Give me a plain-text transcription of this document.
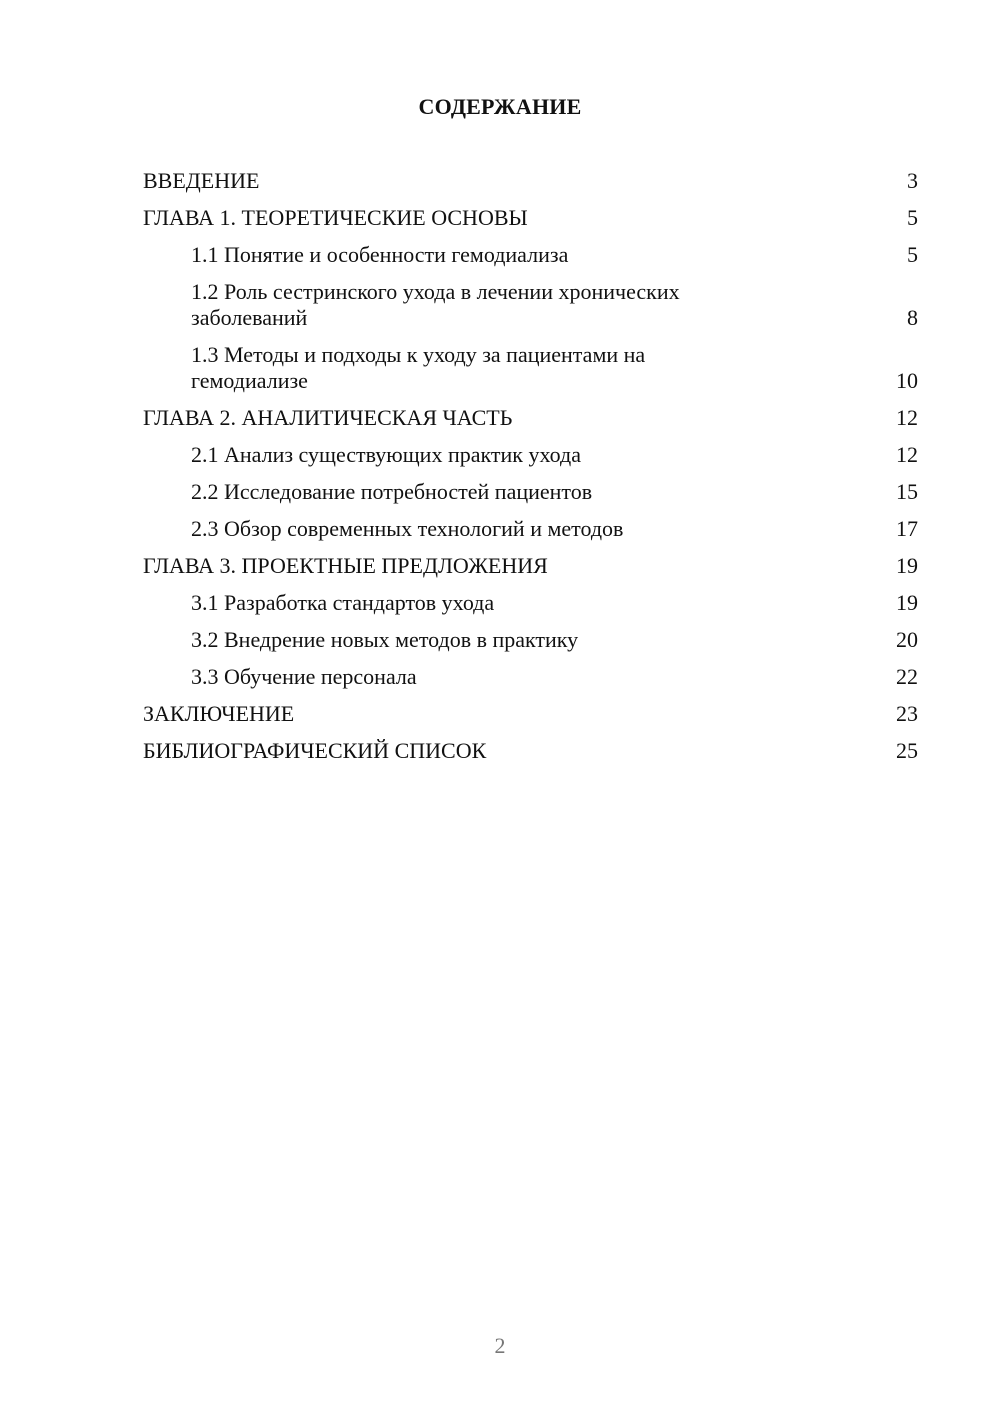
СОДЕРЖАНИЕ
ВВЕДЕНИЕ	3
ГЛАВА 1. ТЕОРЕТИЧЕСКИЕ ОСНОВЫ	5
1.1 Понятие и особенности гемодиализа	5
1.2 Роль сестринского ухода в лечении хронических
заболеваний	8
1.3 Методы и подходы к уходу за пациентами на
гемодиализе	10
ГЛАВА 2. АНАЛИТИЧЕСКАЯ ЧАСТЬ	12
2.1 Анализ существующих практик ухода	12
2.2 Исследование потребностей пациентов	15
2.3 Обзор современных технологий и методов	17
ГЛАВА 3. ПРОЕКТНЫЕ ПРЕДЛОЖЕНИЯ	19
3.1 Разработка стандартов ухода	19
3.2 Внедрение новых методов в практику	20
3.3 Обучение персонала	22
ЗАКЛЮЧЕНИЕ	23
БИБЛИОГРАФИЧЕСКИЙ СПИСОК	25
2
